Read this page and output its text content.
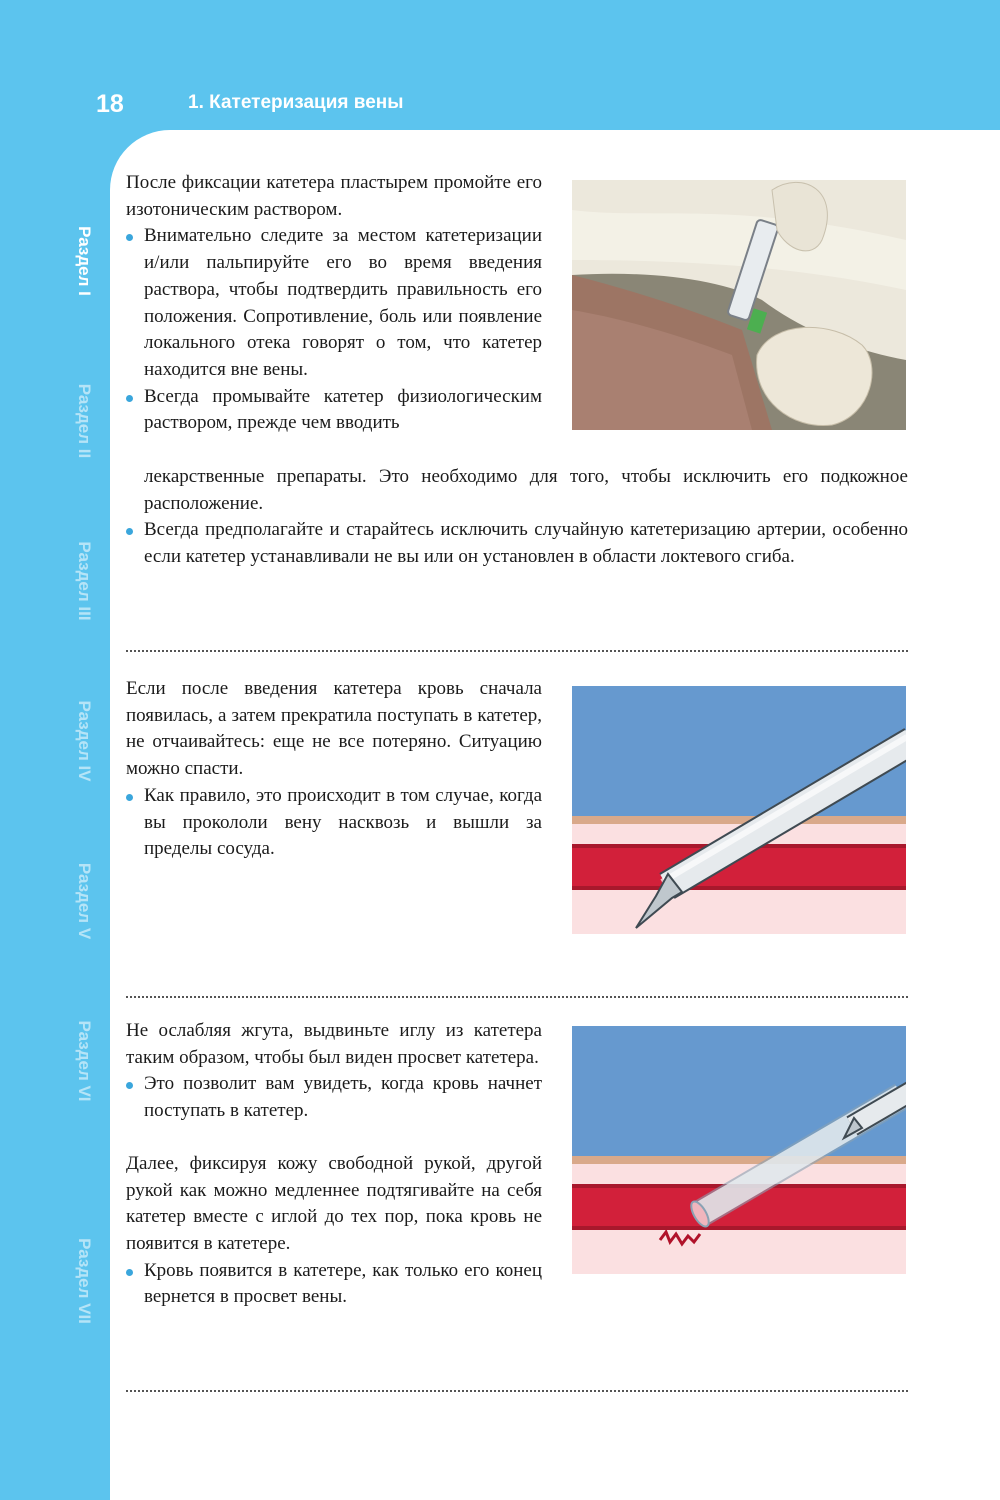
18	1. Катетеризация вены
Раздел I
Раздел II
Раздел III
Раздел IV
Раздел V
Раздел VI
Раздел VII

После фиксации катетера пластырем промойте его изотоническим раствором.

Внимательно следите за местом катетеризации и/или пальпируйте его во время введения раствора, чтобы подтвердить правильность его положения. Сопротивление, боль или появление локального отека говорят о том, что катетер находится вне вены.

Всегда промывайте катетер физиологическим раствором, прежде чем вводить

лекарственные препараты. Это необходимо для того, чтобы исключить его подкожное расположение.

Всегда предполагайте и старайтесь исключить случайную катетеризацию артерии, особенно если катетер устанавливали не вы или он установлен в области локтевого сгиба.

Если после введения катетера кровь сначала появилась, а затем прекратила поступать в катетер, не отчаивайтесь: еще не все потеряно. Ситуацию можно спасти.

Как правило, это происходит в том случае, когда вы прокололи вену насквозь и вышли за пределы сосуда.

Не ослабляя жгута, выдвиньте иглу из катетера таким образом, чтобы был виден просвет катетера.

Это позволит вам увидеть, когда кровь начнет поступать в катетер.

Далее, фиксируя кожу свободной рукой, другой рукой как можно медленнее подтягивайте на себя катетер вместе с иглой до тех пор, пока кровь не появится в катетере.

Кровь появится в катетере, как только его конец вернется в просвет вены.
